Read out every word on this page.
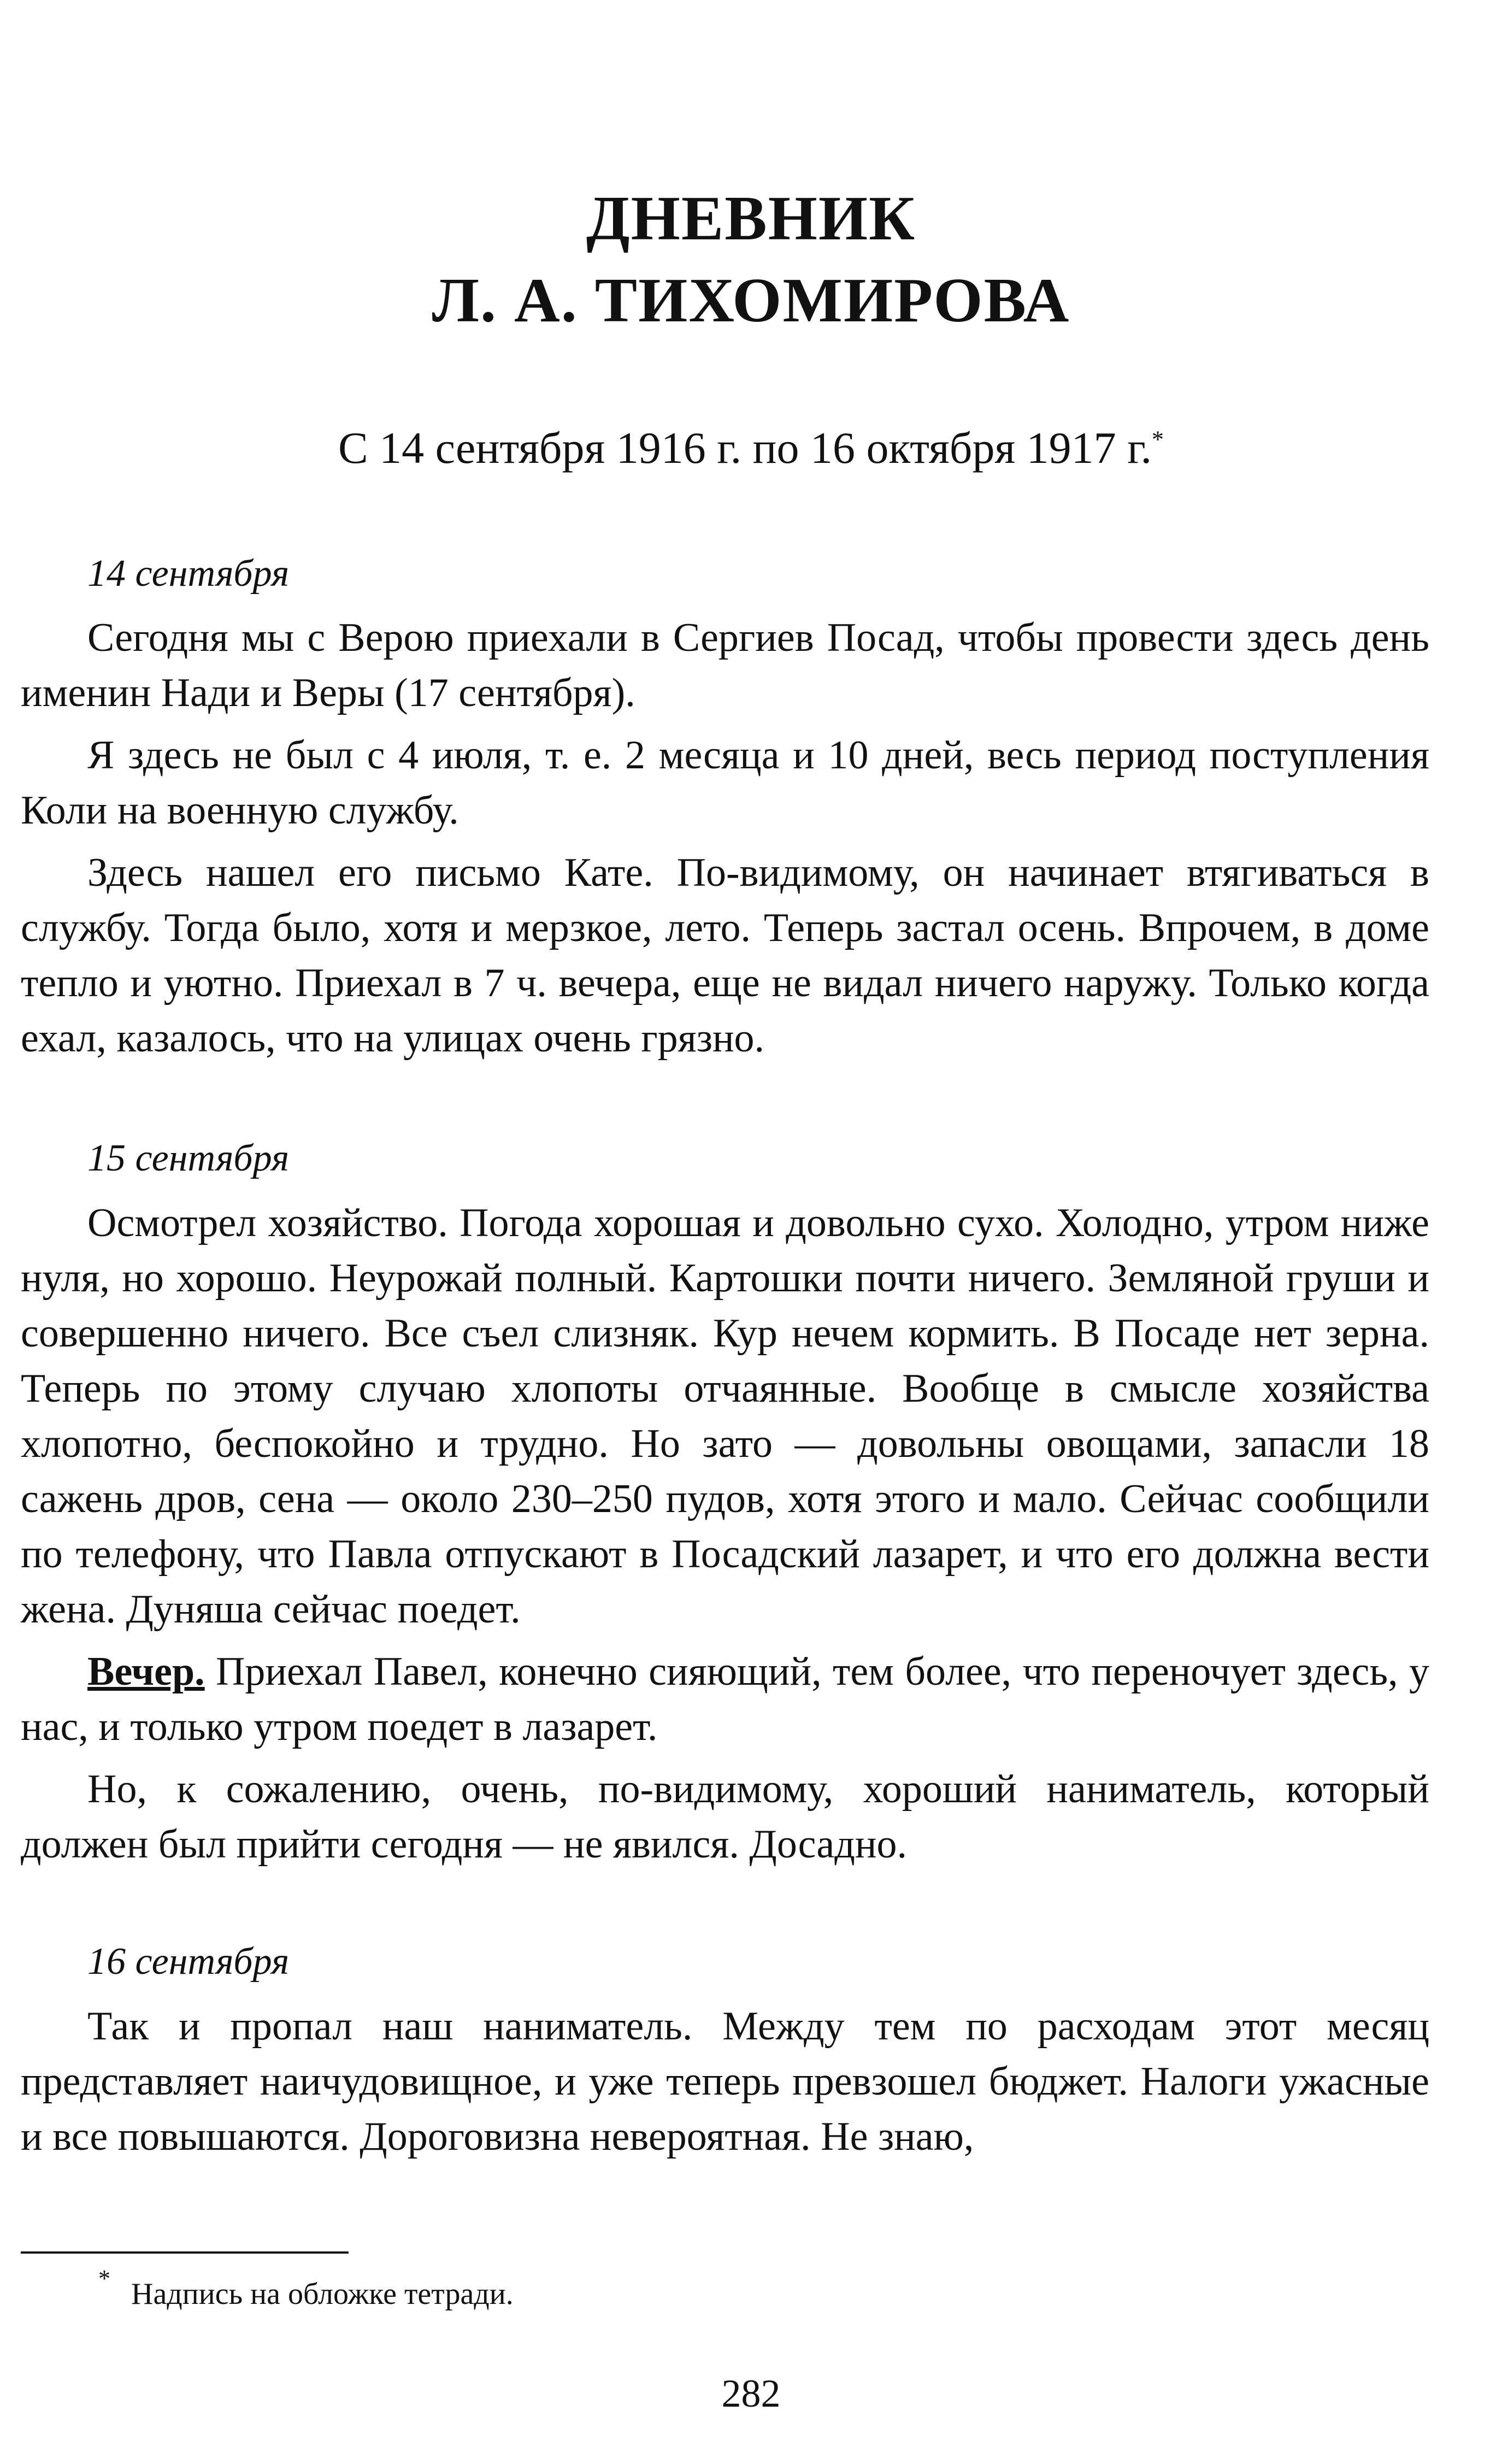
ДНЕВНИК
Л. А. ТИХОМИРОВА
С 14 сентября 1916 г. по 16 октября 1917 г.*
14 сентября

Сегодня мы с Верою приехали в Сергиев Посад, чтобы провести здесь день именин Нади и Веры (17 сентября).

Я здесь не был с 4 июля, т. е. 2 месяца и 10 дней, весь период поступления Коли на военную службу.

Здесь нашел его письмо Кате. По-видимому, он начинает втягиваться в службу. Тогда было, хотя и мерзкое, лето. Теперь застал осень. Впрочем, в доме тепло и уютно. Приехал в 7 ч. вечера, еще не видал ничего наружу. Только когда ехал, казалось, что на улицах очень грязно.

15 сентября

Осмотрел хозяйство. Погода хорошая и довольно сухо. Холодно, утром ниже нуля, но хорошо. Неурожай полный. Картошки почти ничего. Земляной груши и совершенно ничего. Все съел слизняк. Кур нечем кормить. В Посаде нет зерна. Теперь по этому случаю хлопоты отчаянные. Вообще в смысле хозяйства хлопотно, беспокойно и трудно. Но зато — довольны овощами, запасли 18 сажень дров, сена — около 230–250 пудов, хотя этого и мало. Сейчас сообщили по телефону, что Павла отпускают в Посадский лазарет, и что его должна вести жена. Дуняша сейчас поедет.

Вечер. Приехал Павел, конечно сияющий, тем более, что переночует здесь, у нас, и только утром поедет в лазарет.

Но, к сожалению, очень, по-видимому, хороший наниматель, который должен был прийти сегодня — не явился. Досадно.

16 сентября

Так и пропал наш наниматель. Между тем по расходам этот месяц представляет наичудовищное, и уже теперь превзошел бюджет. Налоги ужасные и все повышаются. Дороговизна невероятная. Не знаю,

* Надпись на обложке тетради.
282
